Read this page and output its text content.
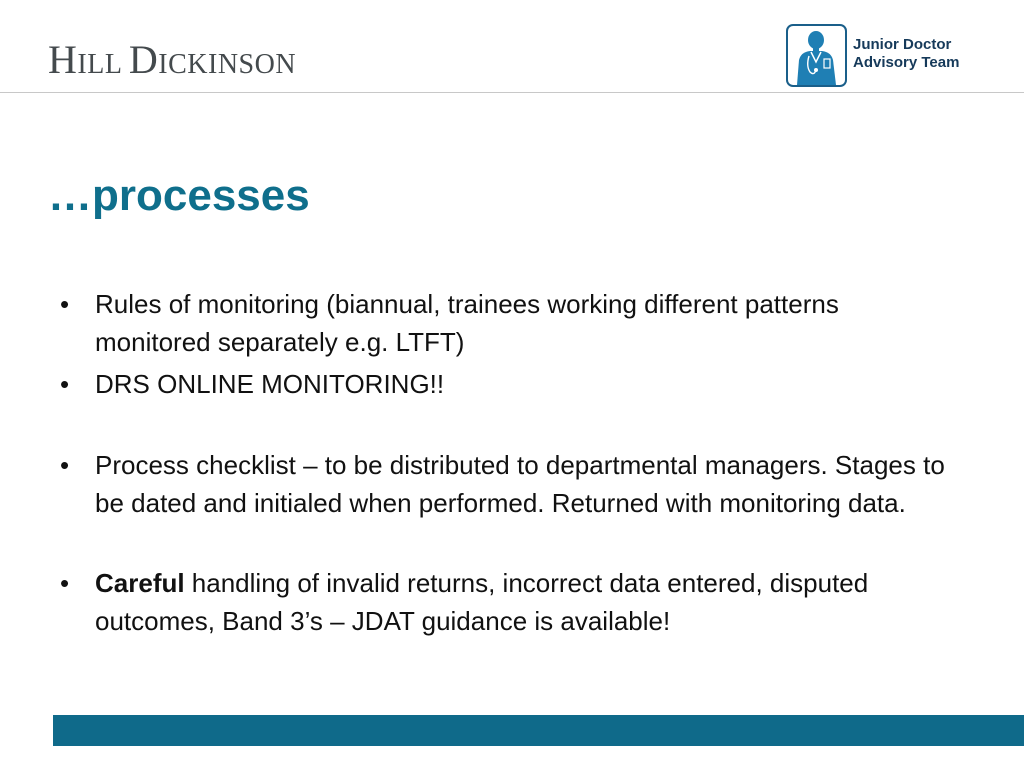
HILL DICKINSON
Junior Doctor
Advisory Team
…processes
• Rules of monitoring (biannual, trainees working different patterns monitored separately e.g. LTFT)
• DRS ONLINE MONITORING!!
• Process checklist – to be distributed to departmental managers. Stages to be dated and initialed when performed. Returned with monitoring data.
• Careful handling of invalid returns, incorrect data entered, disputed outcomes, Band 3’s – JDAT guidance is available!
